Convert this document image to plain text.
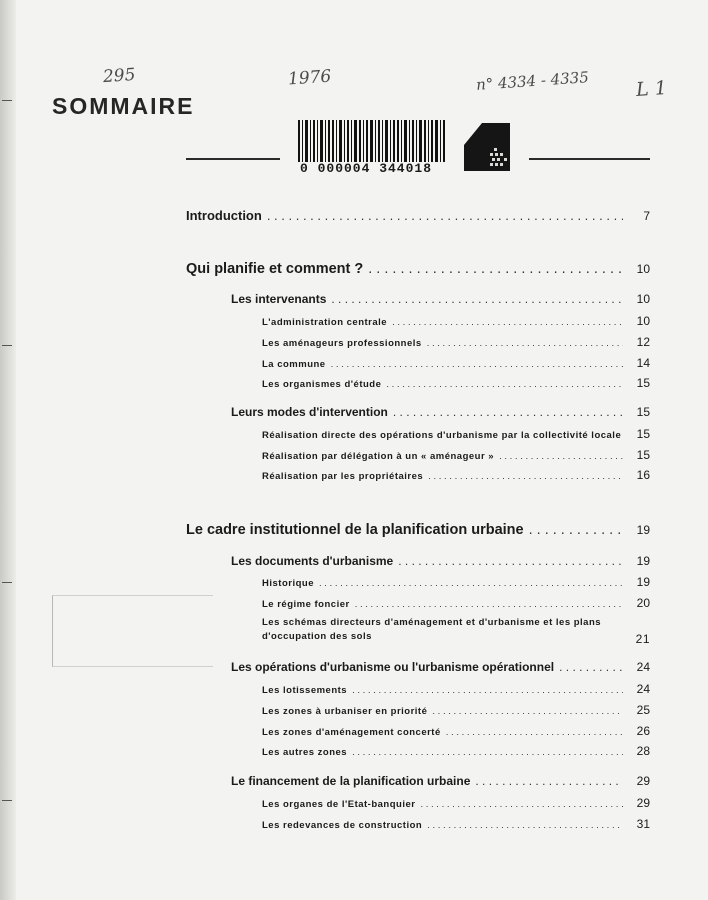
295	1976	n° 4334 - 4335 L 1
SOMMAIRE
0 000004 344018
Introduction . . .	7
Qui planifie et comment ? . . .	10
Les intervenants . . .	10
L'administration centrale . . .	10
Les aménageurs professionnels . . .	12
La commune . . .	14
Les organismes d'étude . . .	15
Leurs modes d'intervention . . .	15
Réalisation directe des opérations d'urbanisme par la collectivité locale	15
Réalisation par délégation à un « aménageur » . . .	15
Réalisation par les propriétaires . . .	16
Le cadre institutionnel de la planification urbaine . . .	19
Les documents d'urbanisme . . .	19
Historique . . .	19
Le régime foncier . . .	20
Les schémas directeurs d'aménagement et d'urbanisme et les plans d'occupation des sols	21
Les opérations d'urbanisme ou l'urbanisme opérationnel . . .	24
Les lotissements . . .	24
Les zones à urbaniser en priorité . . .	25
Les zones d'aménagement concerté . . .	26
Les autres zones . . .	28
Le financement de la planification urbaine . . .	29
Les organes de l'Etat-banquier . . .	29
Les redevances de construction . . .	31
